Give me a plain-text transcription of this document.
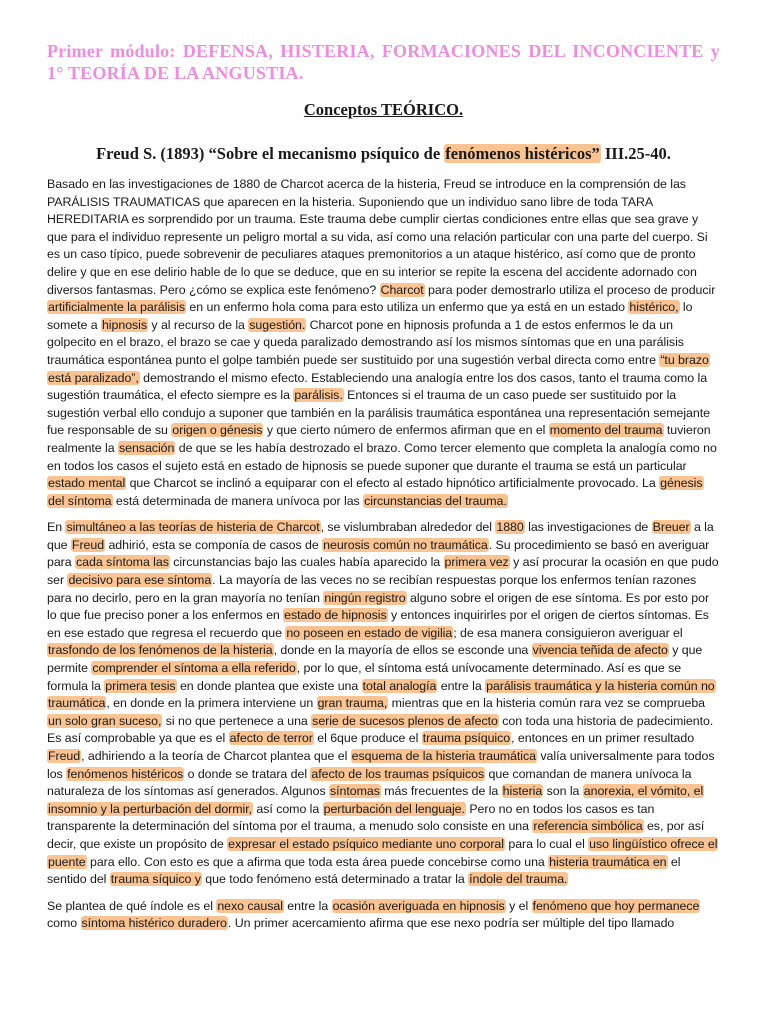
Primer módulo: DEFENSA, HISTERIA, FORMACIONES DEL INCONCIENTE y 1° TEORÍA DE LA ANGUSTIA.
Conceptos TEÓRICO.
Freud S. (1893) “Sobre el mecanismo psíquico de fenómenos histéricos” III.25-40.

Basado en las investigaciones de 1880 de Charcot acerca de la histeria, Freud se introduce en la comprensión de las PARÁLISIS TRAUMATICAS que aparecen en la histeria. Suponiendo que un individuo sano libre de toda TARA HEREDITARIA es sorprendido por un trauma. Este trauma debe cumplir ciertas condiciones entre ellas que sea grave y que para el individuo represente un peligro mortal a su vida, así como una relación particular con una parte del cuerpo. Si es un caso típico, puede sobrevenir de peculiares ataques premonitorios a un ataque histérico, así como que de pronto delire y que en ese delirio hable de lo que se deduce, que en su interior se repite la escena del accidente adornado con diversos fantasmas. Pero ¿cómo se explica este fenómeno? Charcot para poder demostrarlo utiliza el proceso de producir artificialmente la parálisis en un enfermo hola coma para esto utiliza un enfermo que ya está en un estado histérico, lo somete a hipnosis y al recurso de la sugestión. Charcot pone en hipnosis profunda a 1 de estos enfermos le da un golpecito en el brazo, el brazo se cae y queda paralizado demostrando así los mismos síntomas que en una parálisis traumática espontánea punto el golpe también puede ser sustituido por una sugestión verbal directa como entre “tu brazo está paralizado”, demostrando el mismo efecto. Estableciendo una analogía entre los dos casos, tanto el trauma como la sugestión traumática, el efecto siempre es la parálisis. Entonces si el trauma de un caso puede ser sustituido por la sugestión verbal ello condujo a suponer que también en la parálisis traumática espontánea una representación semejante fue responsable de su origen o génesis y que cierto número de enfermos afirman que en el momento del trauma tuvieron realmente la sensación de que se les había destrozado el brazo. Como tercer elemento que completa la analogía como no en todos los casos el sujeto está en estado de hipnosis se puede suponer que durante el trauma se está un particular estado mental que Charcot se inclinó a equiparar con el efecto al estado hipnótico artificialmente provocado. La génesis del síntoma está determinada de manera unívoca por las circunstancias del trauma.

En simultáneo a las teorías de histeria de Charcot, se vislumbraban alrededor del 1880 las investigaciones de Breuer a la que Freud adhirió, esta se componía de casos de neurosis común no traumática. Su procedimiento se basó en averiguar para cada síntoma las circunstancias bajo las cuales había aparecido la primera vez y así procurar la ocasión en que pudo ser decisivo para ese síntoma. La mayoría de las veces no se recibían respuestas porque los enfermos tenían razones para no decirlo, pero en la gran mayoría no tenían ningún registro alguno sobre el origen de ese síntoma. Es por esto por lo que fue preciso poner a los enfermos en estado de hipnosis y entonces inquirirles por el origen de ciertos síntomas. Es en ese estado que regresa el recuerdo que no poseen en estado de vigilia; de esa manera consiguieron averiguar el trasfondo de los fenómenos de la histeria, donde en la mayoría de ellos se esconde una vivencia teñida de afecto y que permite comprender el síntoma a ella referido, por lo que, el síntoma está unívocamente determinado. Así es que se formula la primera tesis en donde plantea que existe una total analogía entre la parálisis traumática y la histeria común no traumática, en donde en la primera interviene un gran trauma, mientras que en la histeria común rara vez se comprueba un solo gran suceso, si no que pertenece a una serie de sucesos plenos de afecto con toda una historia de padecimiento. Es así comprobable ya que es el afecto de terror el 6que produce el trauma psíquico, entonces en un primer resultado Freud, adhiriendo a la teoría de Charcot plantea que el esquema de la histeria traumática valía universalmente para todos los fenómenos histéricos o donde se tratara del afecto de los traumas psíquicos que comandan de manera unívoca la naturaleza de los síntomas así generados. Algunos síntomas más frecuentes de la histeria son la anorexia, el vómito, el insomnio y la perturbación del dormir, así como la perturbación del lenguaje. Pero no en todos los casos es tan transparente la determinación del síntoma por el trauma, a menudo solo consiste en una referencia simbólica es, por así decir, que existe un propósito de expresar el estado psíquico mediante uno corporal para lo cual el uso lingüístico ofrece el puente para ello. Con esto es que a afirma que toda esta área puede concebirse como una histeria traumática en el sentido del trauma síquico y que todo fenómeno está determinado a tratar la índole del trauma.

Se plantea de qué índole es el nexo causal entre la ocasión averiguada en hipnosis y el fenómeno que hoy permanece como síntoma histérico duradero. Un primer acercamiento afirma que ese nexo podría ser múltiple del tipo llamado
